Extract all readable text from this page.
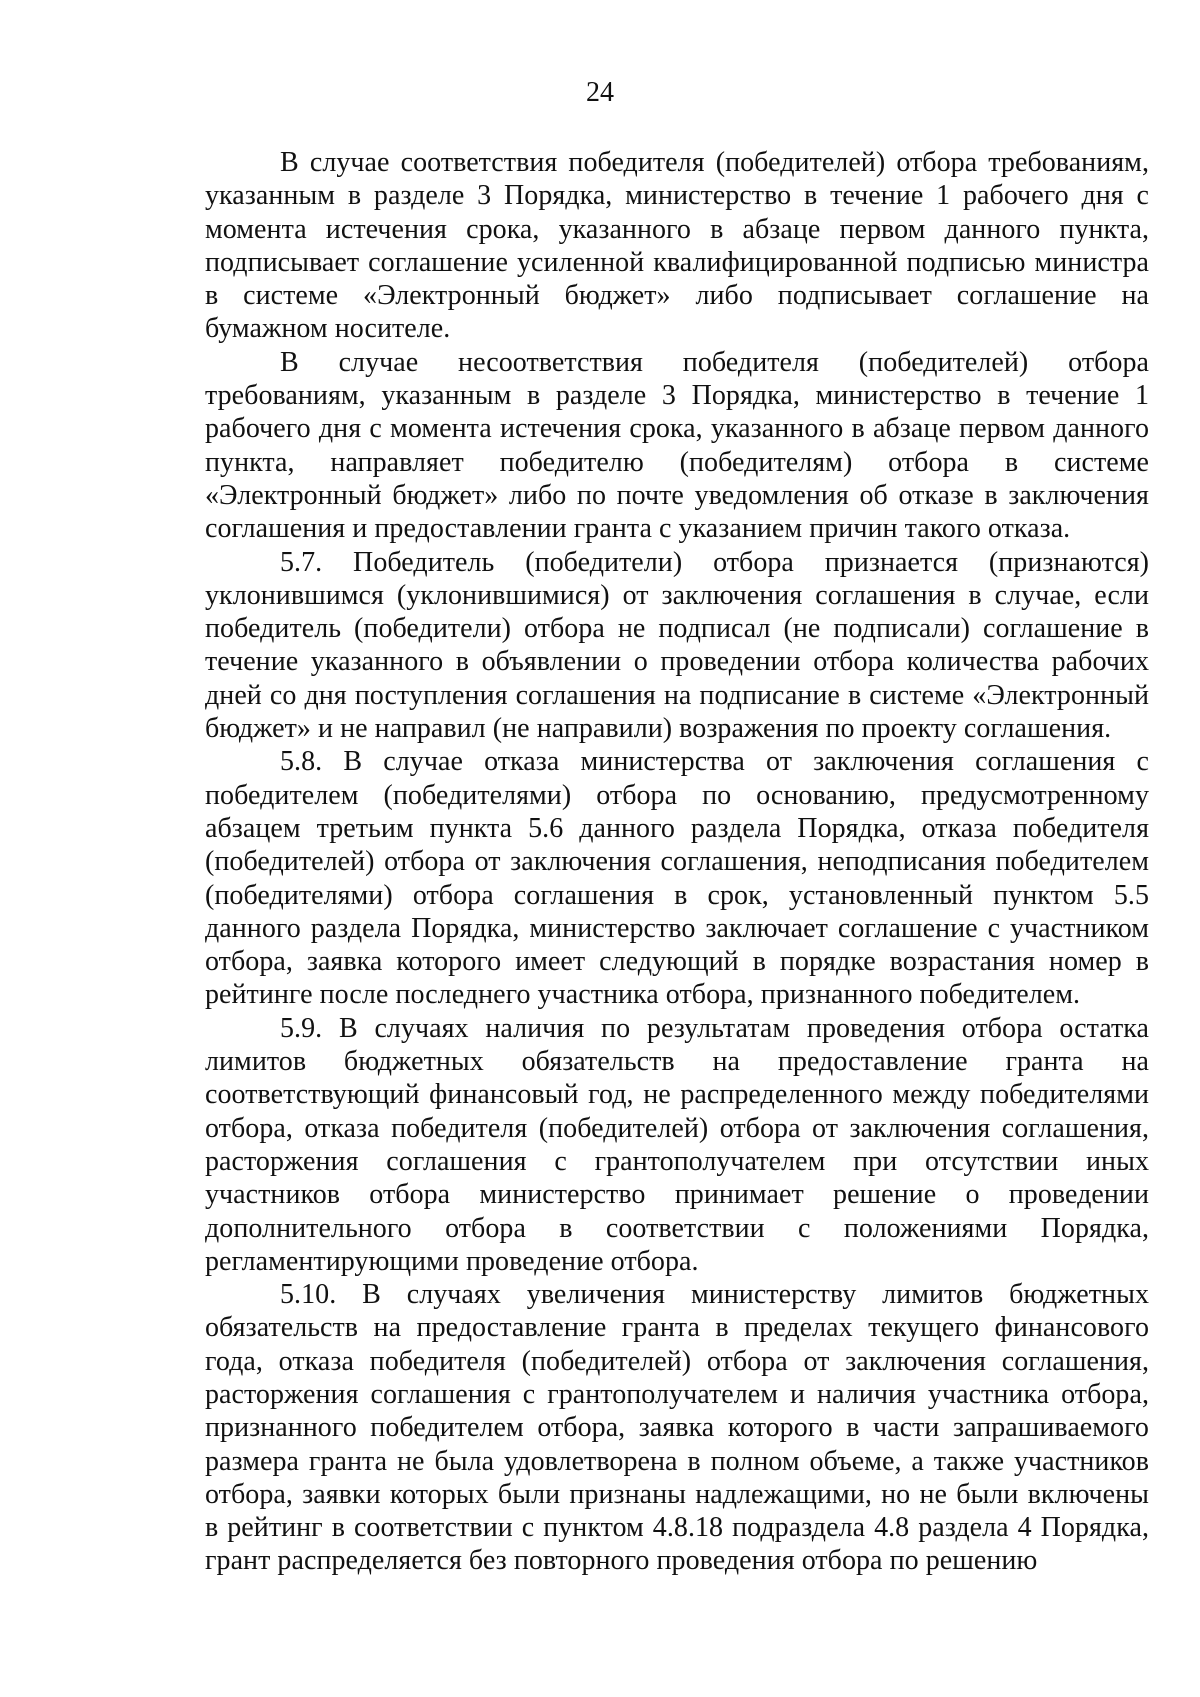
24

В случае соответствия победителя (победителей) отбора требованиям, указанным в разделе 3 Порядка, министерство в течение 1 рабочего дня с момента истечения срока, указанного в абзаце первом данного пункта, подписывает соглашение усиленной квалифицированной подписью министра в системе «Электронный бюджет» либо подписывает соглашение на бумажном носителе.

В случае несоответствия победителя (победителей) отбора требованиям, указанным в разделе 3 Порядка, министерство в течение 1 рабочего дня с момента истечения срока, указанного в абзаце первом данного пункта, направляет победителю (победителям) отбора в системе «Электронный бюджет» либо по почте уведомления об отказе в заключения соглашения и предоставлении гранта с указанием причин такого отказа.

5.7. Победитель (победители) отбора признается (признаются) уклонившимся (уклонившимися) от заключения соглашения в случае, если победитель (победители) отбора не подписал (не подписали) соглашение в течение указанного в объявлении о проведении отбора количества рабочих дней со дня поступления соглашения на подписание в системе «Электронный бюджет» и не направил (не направили) возражения по проекту соглашения.

5.8. В случае отказа министерства от заключения соглашения с победителем (победителями) отбора по основанию, предусмотренному абзацем третьим пункта 5.6 данного раздела Порядка, отказа победителя (победителей) отбора от заключения соглашения, неподписания победителем (победителями) отбора соглашения в срок, установленный пунктом 5.5 данного раздела Порядка, министерство заключает соглашение с участником отбора, заявка которого имеет следующий в порядке возрастания номер в рейтинге после последнего участника отбора, признанного победителем.

5.9. В случаях наличия по результатам проведения отбора остатка лимитов бюджетных обязательств на предоставление гранта на соответствующий финансовый год, не распределенного между победителями отбора, отказа победителя (победителей) отбора от заключения соглашения, расторжения соглашения с грантополучателем при отсутствии иных участников отбора министерство принимает решение о проведении дополнительного отбора в соответствии с положениями Порядка, регламентирующими проведение отбора.

5.10. В случаях увеличения министерству лимитов бюджетных обязательств на предоставление гранта в пределах текущего финансового года, отказа победителя (победителей) отбора от заключения соглашения, расторжения соглашения с грантополучателем и наличия участника отбора, признанного победителем отбора, заявка которого в части запрашиваемого размера гранта не была удовлетворена в полном объеме, а также участников отбора, заявки которых были признаны надлежащими, но не были включены в рейтинг в соответствии с пунктом 4.8.18 подраздела 4.8 раздела 4 Порядка, грант распределяется без повторного проведения отбора по решению
